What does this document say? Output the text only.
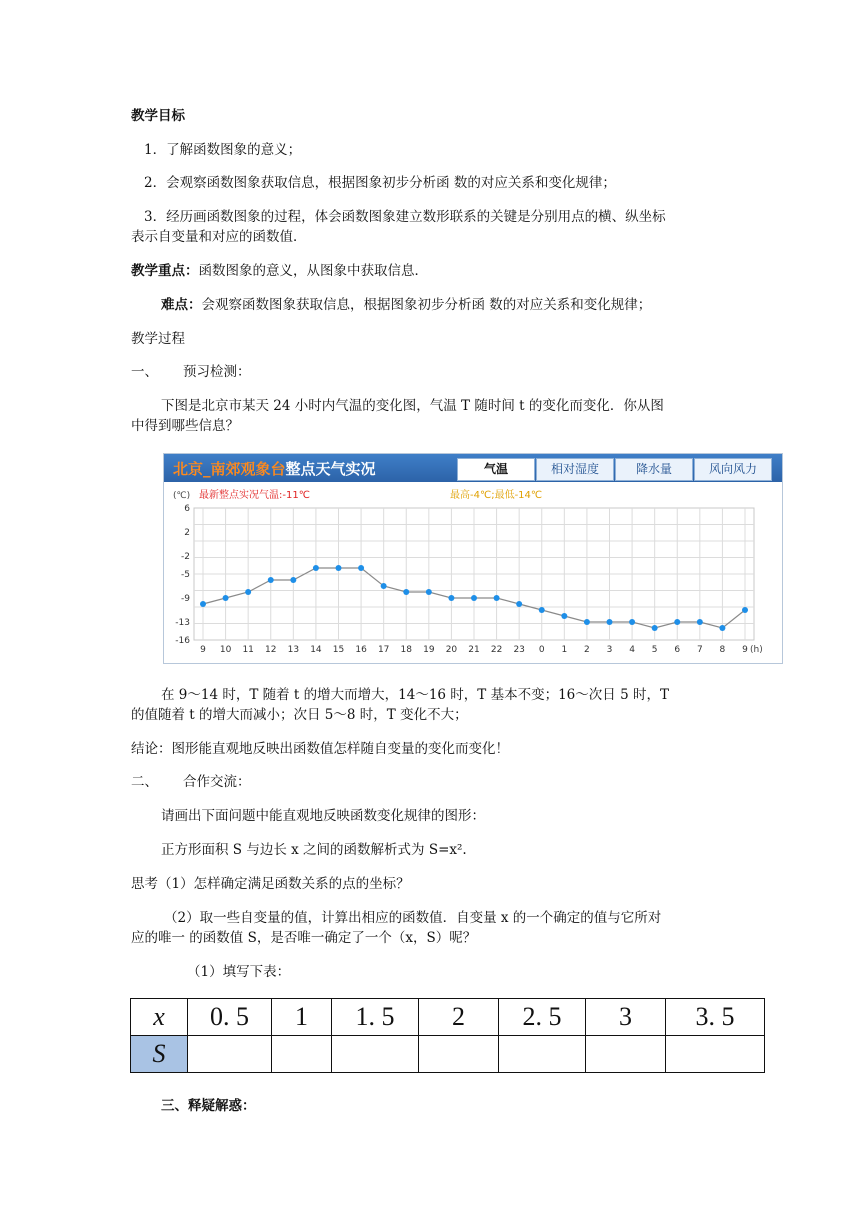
教学目标
1．了解函数图象的意义；
2．会观察函数图象获取信息，根据图象初步分析函 数的对应关系和变化规律；
3．经历画函数图象的过程，体会函数图象建立数形联系的关键是分别用点的横、纵坐标
表示自变量和对应的函数值．
教学重点：函数图象的意义，从图象中获取信息．
难点：会观察函数图象获取信息，根据图象初步分析函 数的对应关系和变化规律；
教学过程
一、 预习检测：
下图是北京市某天 24 小时内气温的变化图，气温 T 随时间 t 的变化而变化．你从图
中得到哪些信息？
北京_南郊观象台整点天气实况	气温	相对湿度	降水量	风向风力
(℃) 最新整点实况气温:-11℃	最高-4℃;最低-14℃
6
2
-2
-5
-9
-13
-16
9 10 11 12 13 14 15 16 17 18 19 20 21 22 23 0 1 2 3 4 5 6 7 8 9 (h)
在 9～14 时，T 随着 t 的增大而增大，14～16 时，T 基本不变；16～次日 5 时，T
的值随着 t 的增大而减小；次日 5～8 时，T 变化不大；
结论：图形能直观地反映出函数值怎样随自变量的变化而变化！
二、 合作交流：
请画出下面问题中能直观地反映函数变化规律的图形：
正方形面积 S 与边长 x 之间的函数解析式为 S=x².
思考（1）怎样确定满足函数关系的点的坐标？
（2）取一些自变量的值，计算出相应的函数值．自变量 x 的一个确定的值与它所对
应的唯一 的函数值 S，是否唯一确定了一个（x，S）呢？
（1）填写下表：
x	0. 5	1	1. 5	2	2. 5	3	3. 5
S							
三、释疑解惑：
